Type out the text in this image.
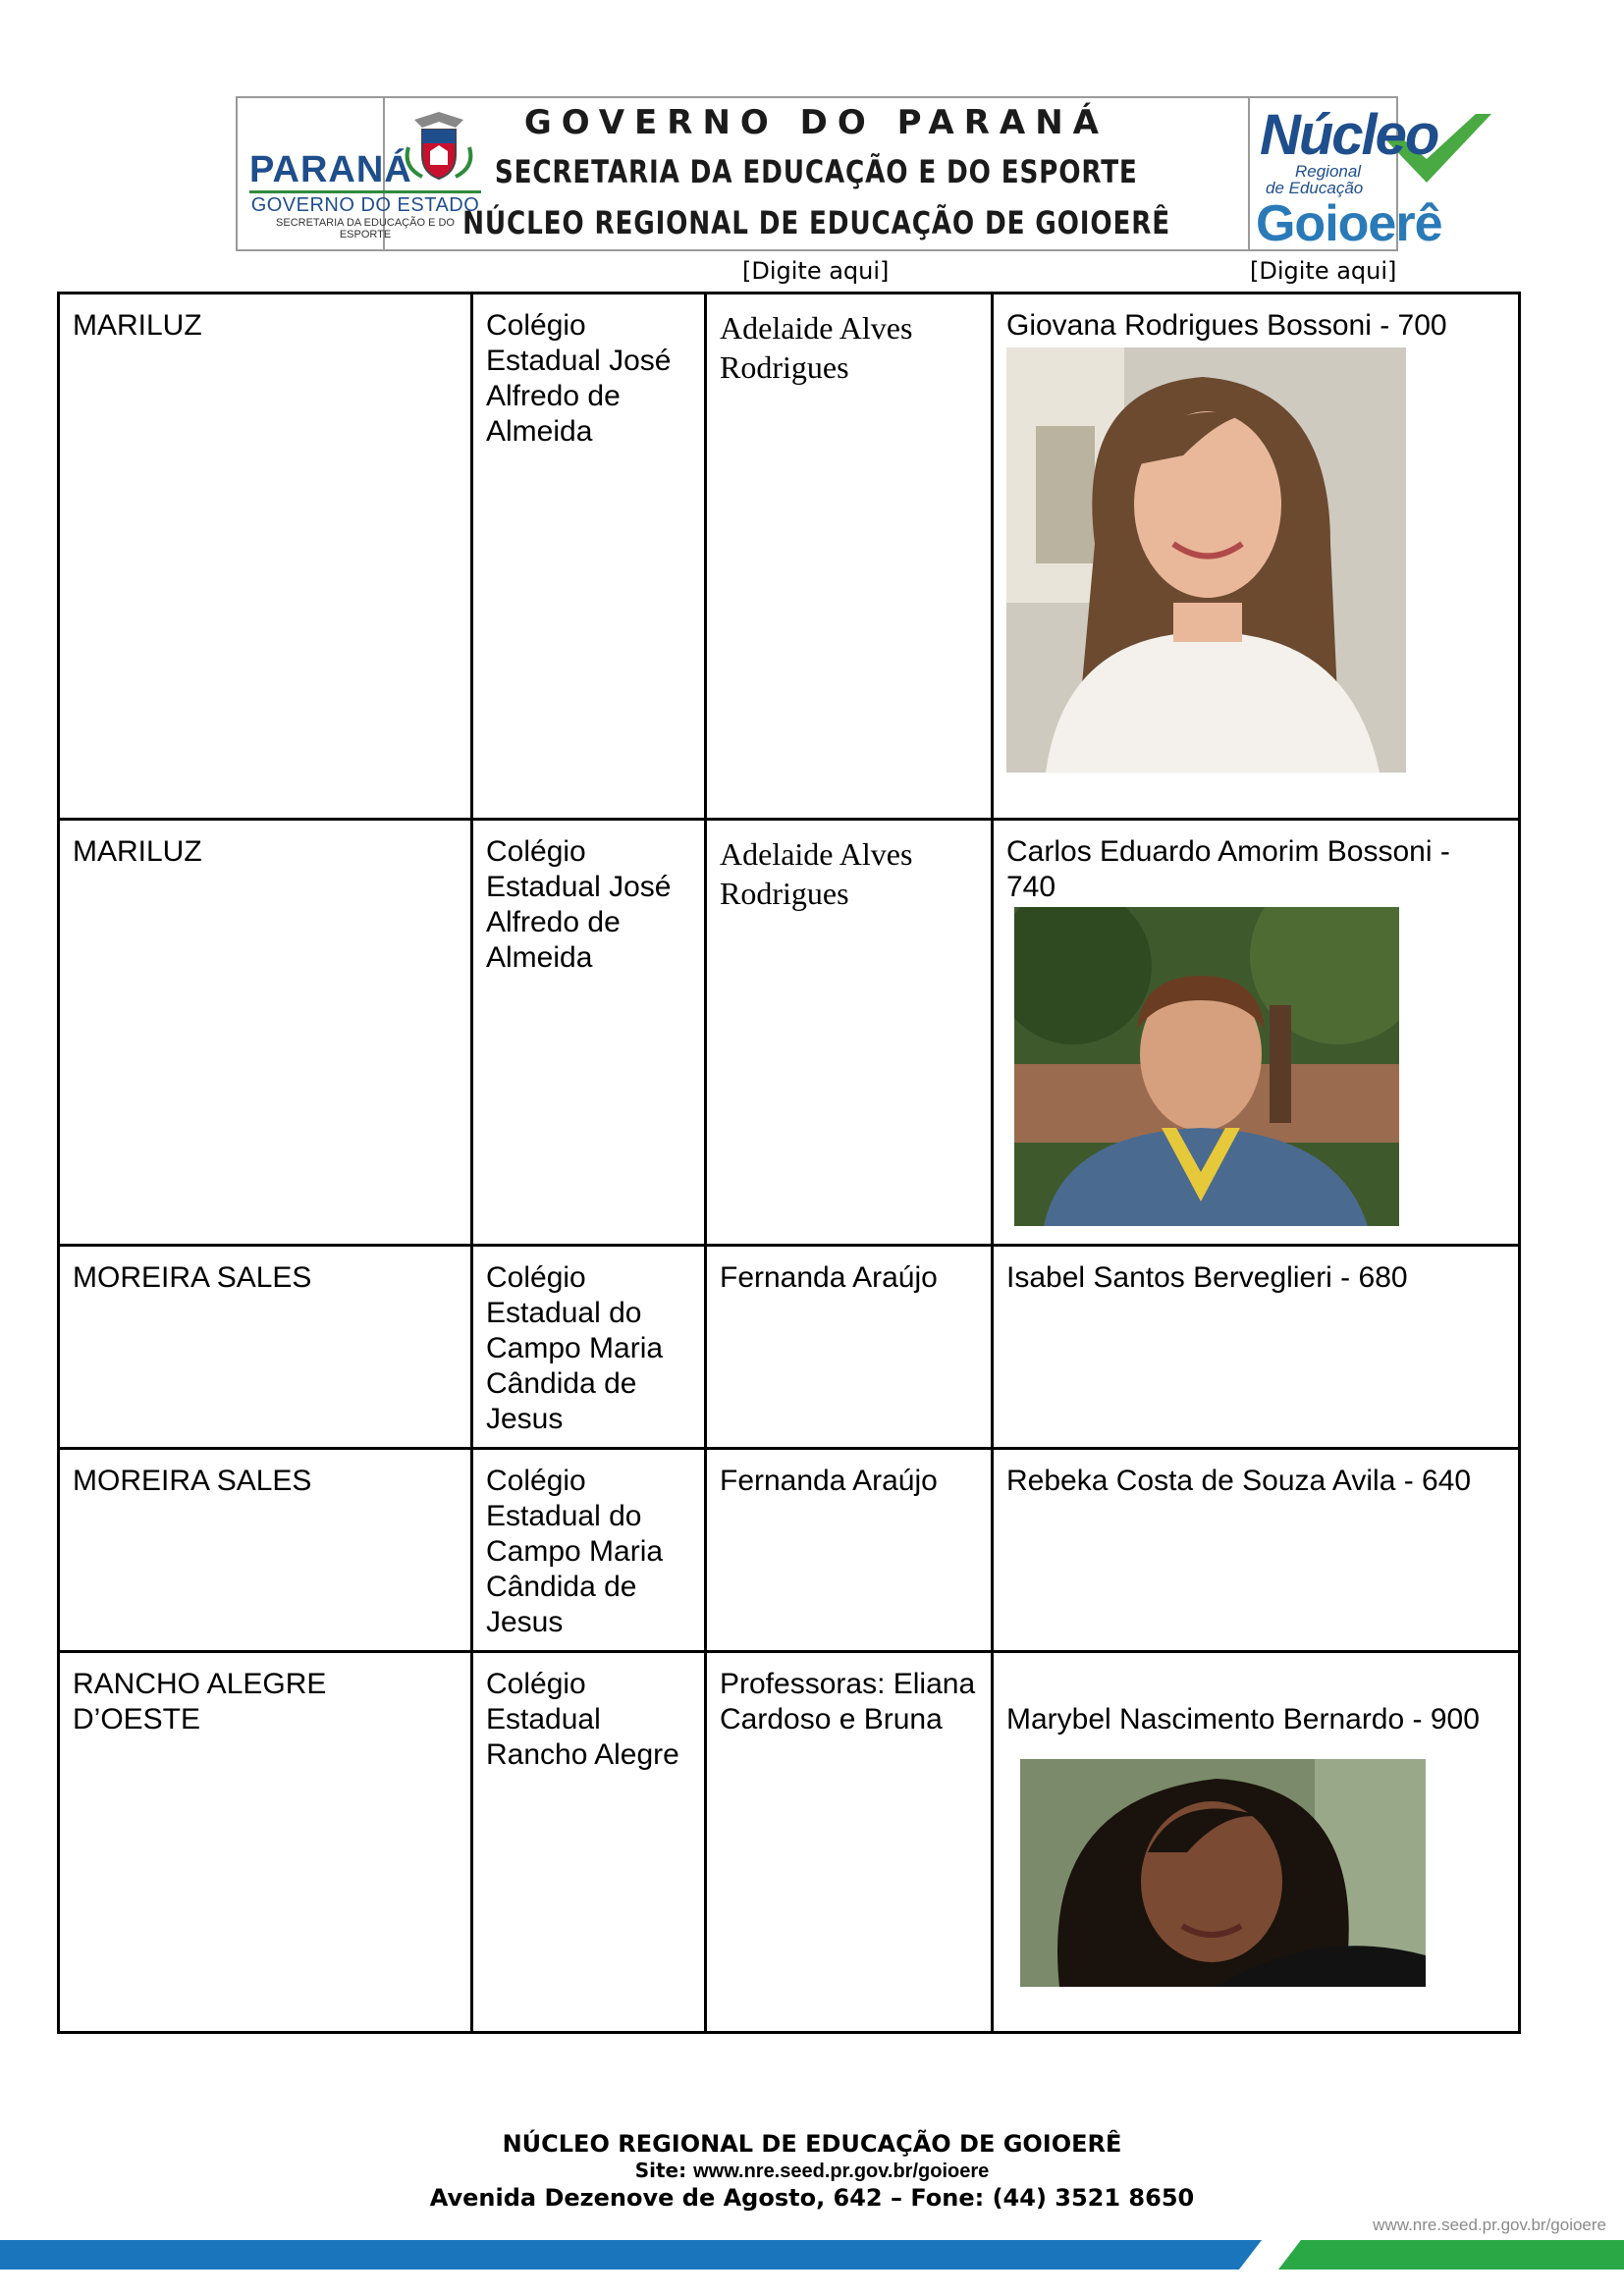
PARANÁ
GOVERNO DO ESTADO
SECRETARIA DA EDUCAÇÃO E DO ESPORTE
GOVERNO DO PARANÁ
SECRETARIA DA EDUCAÇÃO E DO ESPORTE
NÚCLEO REGIONAL DE EDUCAÇÃO DE GOIOERÊ
Núcleo
Regional
de Educação
Goioerê
[Digite aqui]	[Digite aqui]
MARILUZ	Colégio Estadual José Alfredo de Almeida	Adelaide Alves Rodrigues	Giovana Rodrigues Bossoni - 700

MARILUZ	Colégio Estadual José Alfredo de Almeida	Adelaide Alves Rodrigues	Carlos Eduardo Amorim Bossoni - 740

MOREIRA SALES	Colégio Estadual do Campo Maria Cândida de Jesus	Fernanda Araújo	Isabel Santos Berveglieri - 680

MOREIRA SALES	Colégio Estadual do Campo Maria Cândida de Jesus	Fernanda Araújo	Rebeka Costa de Souza Avila - 640

RANCHO ALEGRE D’OESTE	Colégio Estadual Rancho Alegre	Professoras: Eliana Cardoso e Bruna	Marybel Nascimento Bernardo - 900
NÚCLEO REGIONAL DE EDUCAÇÃO DE GOIOERÊ
Site: www.nre.seed.pr.gov.br/goioere
Avenida Dezenove de Agosto, 642 – Fone: (44) 3521 8650
www.nre.seed.pr.gov.br/goioere
